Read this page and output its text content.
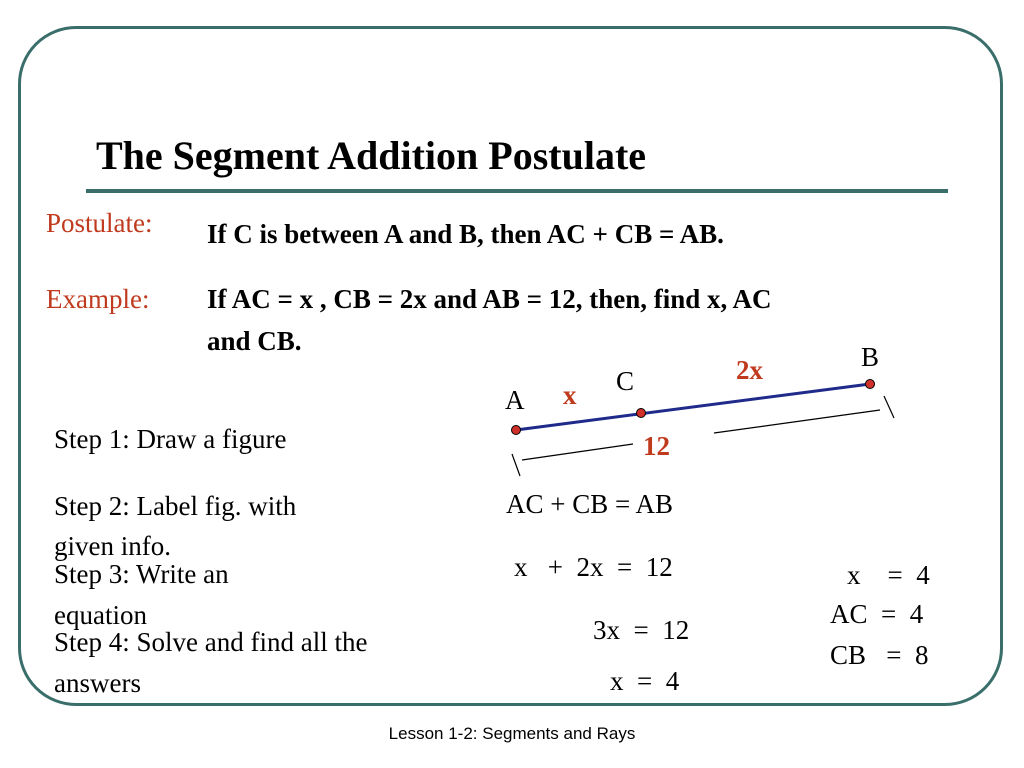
The Segment Addition Postulate
Postulate: If C is between A and B, then AC + CB = AB.
Example: If AC = x , CB = 2x and AB = 12, then, find x, AC
and CB.
A
C
B
x
2x
12
Step 1: Draw a figure
Step 2: Label fig. with
given info.
Step 3: Write an
equation
Step 4: Solve and find all the
answers
AC + CB = AB
x   +  2x  =  12
3x  =  12
x  =  4
x    =  4
AC  =  4
CB   =  8
Lesson 1-2: Segments and Rays
